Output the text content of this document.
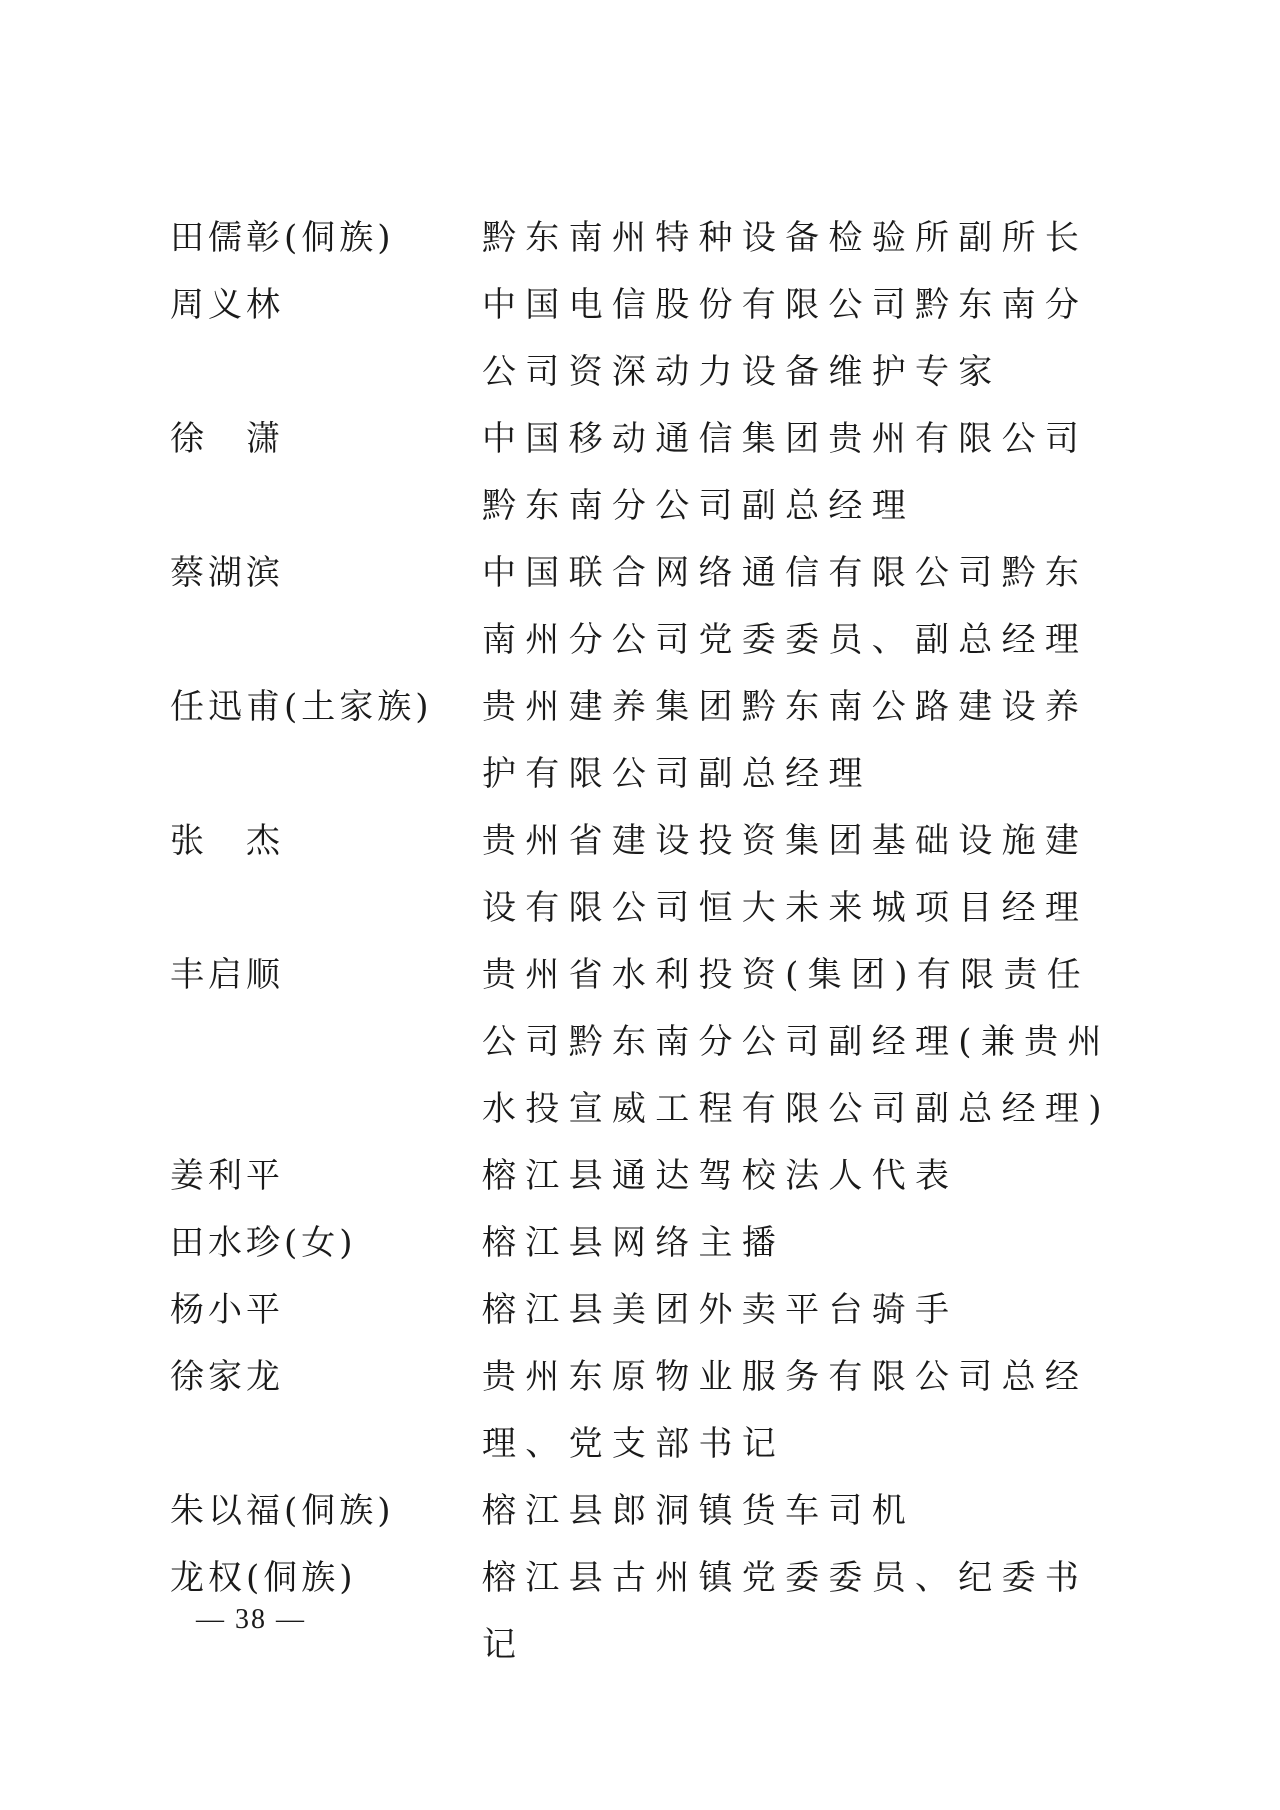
田儒彰(侗族)	黔东南州特种设备检验所副所长
周义林	中国电信股份有限公司黔东南分公司资深动力设备维护专家
徐潇	中国移动通信集团贵州有限公司黔东南分公司副总经理
蔡湖滨	中国联合网络通信有限公司黔东南州分公司党委委员、副总经理
任迅甫(土家族)	贵州建养集团黔东南公路建设养护有限公司副总经理
张杰	贵州省建设投资集团基础设施建设有限公司恒大未来城项目经理
丰启顺	贵州省水利投资(集团)有限责任公司黔东南分公司副经理(兼贵州水投宣威工程有限公司副总经理)
姜利平	榕江县通达驾校法人代表
田水珍(女)	榕江县网络主播
杨小平	榕江县美团外卖平台骑手
徐家龙	贵州东原物业服务有限公司总经理、党支部书记
朱以福(侗族)	榕江县郎洞镇货车司机
龙权(侗族)	榕江县古州镇党委委员、纪委书记
— 38 —
